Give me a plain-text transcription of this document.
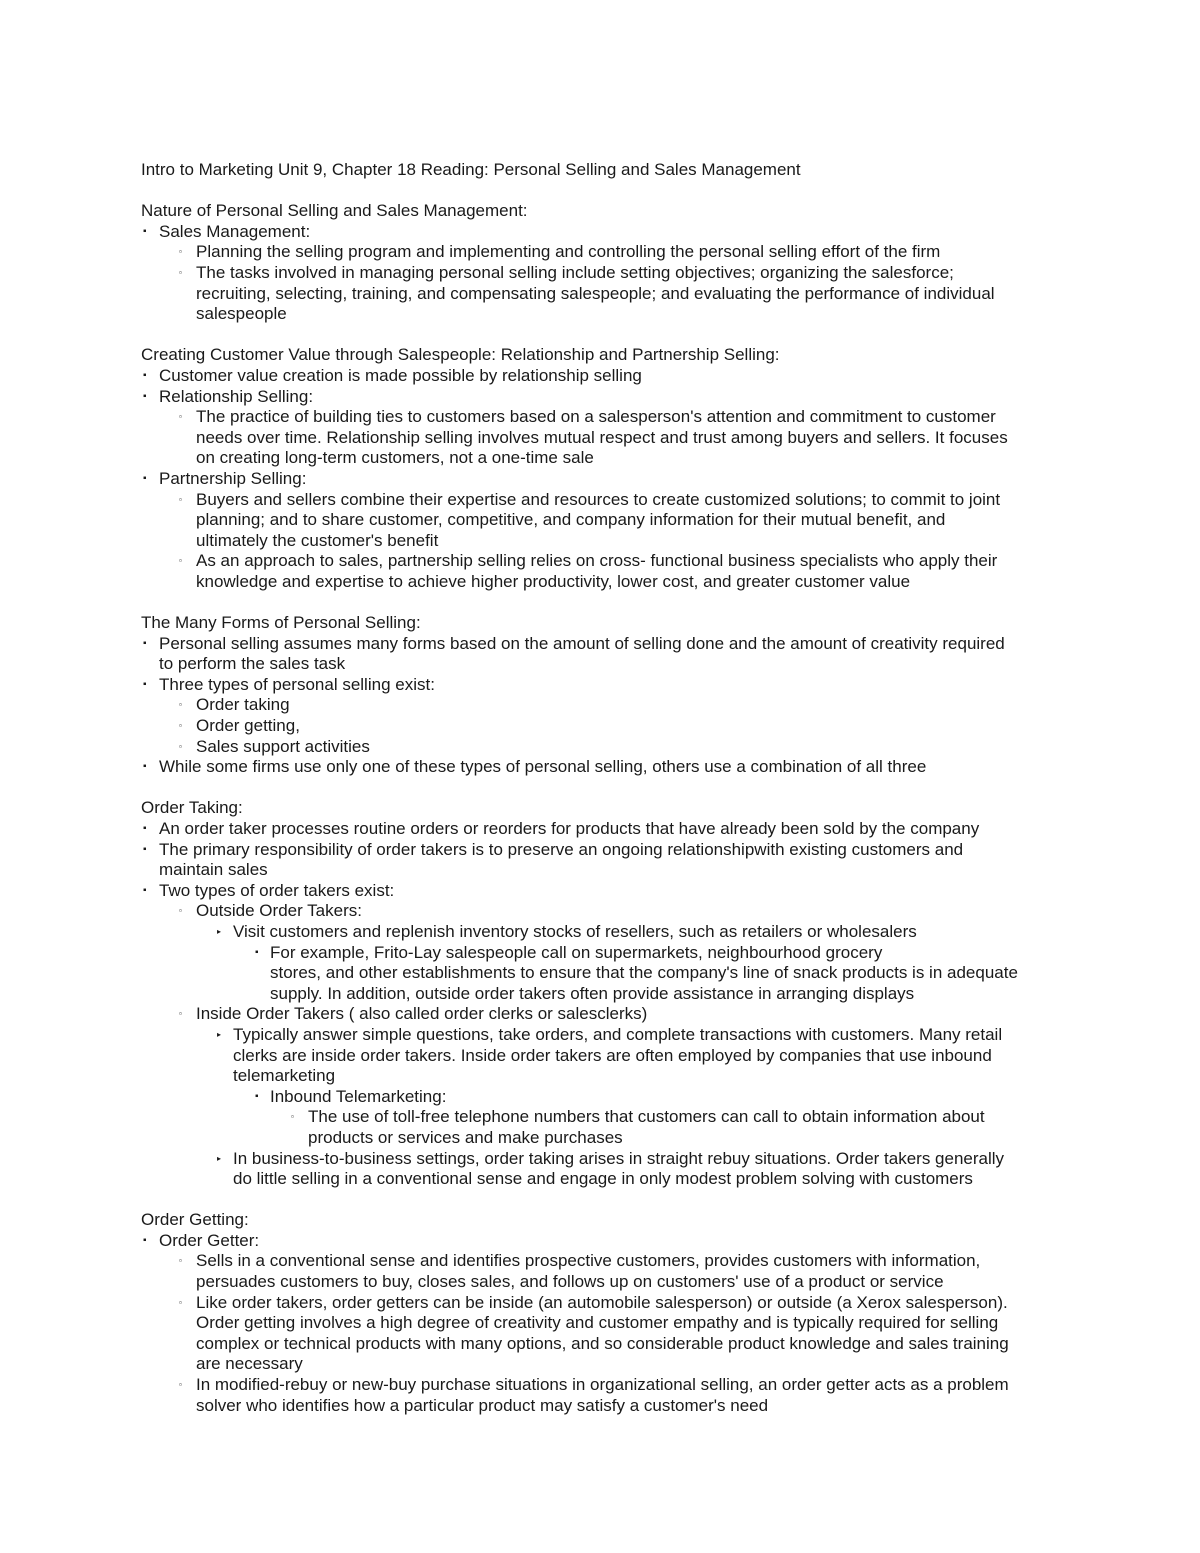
Intro to Marketing Unit 9, Chapter 18 Reading: Personal Selling and Sales Management
Nature of Personal Selling and Sales Management:
▪ Sales Management:
▫ Planning the selling program and implementing and controlling the personal selling effort of the firm
▫ The tasks involved in managing personal selling include setting objectives; organizing the salesforce;
recruiting, selecting, training, and compensating salespeople; and evaluating the performance of individual
salespeople
Creating Customer Value through Salespeople: Relationship and Partnership Selling:
▪ Customer value creation is made possible by relationship selling
▪ Relationship Selling:
▫ The practice of building ties to customers based on a salesperson's attention and commitment to customer
needs over time. Relationship selling involves mutual respect and trust among buyers and sellers. It focuses
on creating long-term customers, not a one-time sale
▪ Partnership Selling:
▫ Buyers and sellers combine their expertise and resources to create customized solutions; to commit to joint
planning; and to share customer, competitive, and company information for their mutual benefit, and
ultimately the customer's benefit
▫ As an approach to sales, partnership selling relies on cross- functional business specialists who apply their
knowledge and expertise to achieve higher productivity, lower cost, and greater customer value
The Many Forms of Personal Selling:
▪ Personal selling assumes many forms based on the amount of selling done and the amount of creativity required
to perform the sales task
▪ Three types of personal selling exist:
▫ Order taking
▫ Order getting,
▫ Sales support activities
▪ While some firms use only one of these types of personal selling, others use a combination of all three
Order Taking:
▪ An order taker processes routine orders or reorders for products that have already been sold by the company
▪ The primary responsibility of order takers is to preserve an ongoing relationshipwith existing customers and
maintain sales
▪ Two types of order takers exist:
▫ Outside Order Takers:
▸ Visit customers and replenish inventory stocks of resellers, such as retailers or wholesalers
▪ For example, Frito-Lay salespeople call on supermarkets, neighbourhood grocery
stores, and other establishments to ensure that the company's line of snack products is in adequate
supply. In addition, outside order takers often provide assistance in arranging displays
▫ Inside Order Takers ( also called order clerks or salesclerks)
▸ Typically answer simple questions, take orders, and complete transactions with customers. Many retail
clerks are inside order takers. Inside order takers are often employed by companies that use inbound
telemarketing
▪ Inbound Telemarketing:
▫ The use of toll-free telephone numbers that customers can call to obtain information about
products or services and make purchases
▸ In business-to-business settings, order taking arises in straight rebuy situations. Order takers generally
do little selling in a conventional sense and engage in only modest problem solving with customers
Order Getting:
▪ Order Getter:
▫ Sells in a conventional sense and identifies prospective customers, provides customers with information,
persuades customers to buy, closes sales, and follows up on customers' use of a product or service
▫ Like order takers, order getters can be inside (an automobile salesperson) or outside (a Xerox salesperson).
Order getting involves a high degree of creativity and customer empathy and is typically required for selling
complex or technical products with many options, and so considerable product knowledge and sales training
are necessary
▫ In modified-rebuy or new-buy purchase situations in organizational selling, an order getter acts as a problem
solver who identifies how a particular product may satisfy a customer's need
